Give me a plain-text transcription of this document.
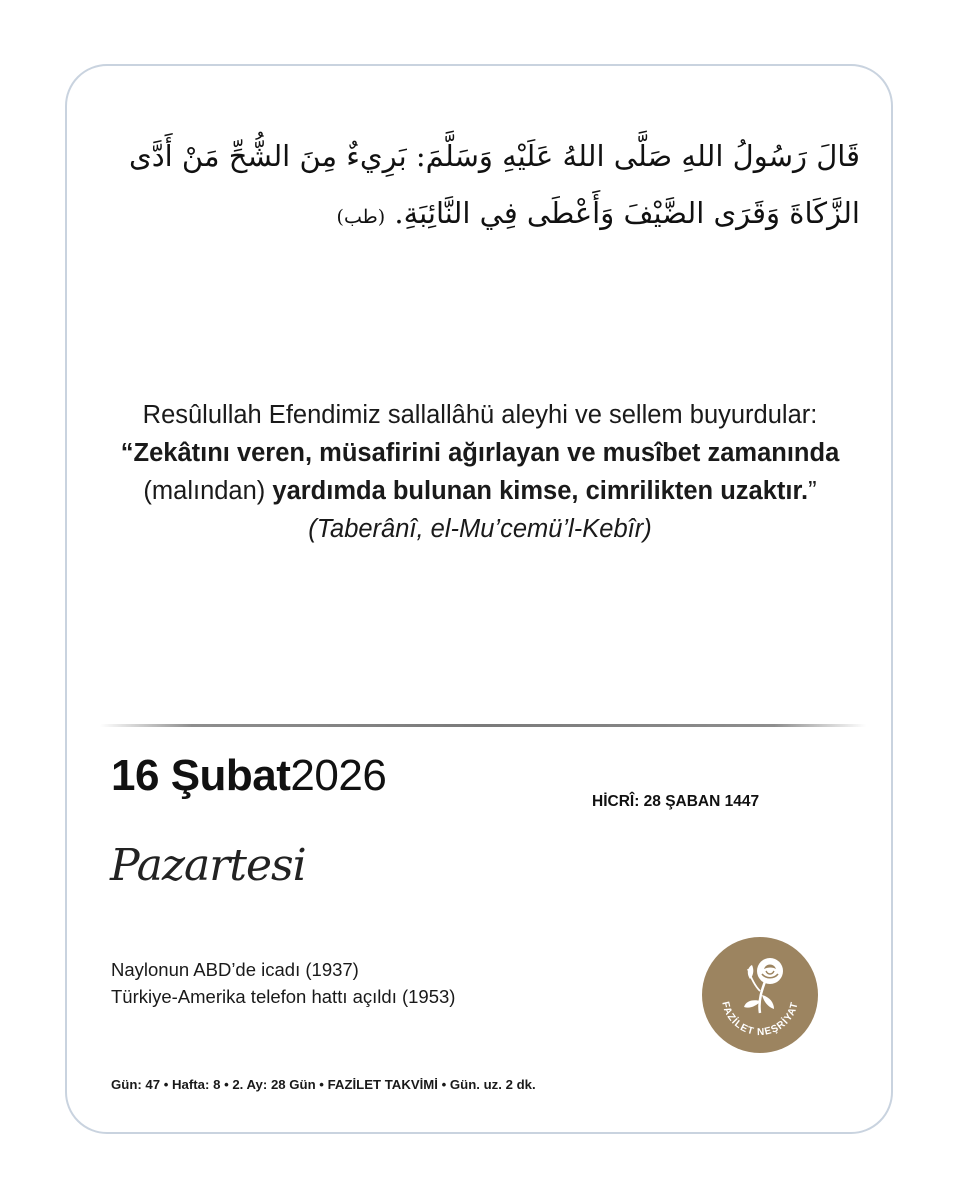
قَالَ رَسُولُ اللهِ صَلَّى اللهُ عَلَيْهِ وَسَلَّمَ: بَرِيءٌ مِنَ الشُّحِّ مَنْ أَدَّى الزَّكَاةَ وَقَرَى الضَّيْفَ وَأَعْطَى فِي النَّائِبَةِ. (طب)
Resûlullah Efendimiz sallallâhü aleyhi ve sellem buyurdular: “Zekâtını veren, müsafirini ağırlayan ve musîbet zamanında (malından) yardımda bulunan kimse, cimrilikten uzaktır.”
(Taberânî, el-Mu’cemü’l-Kebîr)
16 Şubat2026
HİCRÎ: 28 ŞABAN 1447
Pazartesi
Naylonun ABD’de icadı (1937)
Türkiye-Amerika telefon hattı açıldı (1953)
Gün: 47 • Hafta: 8 • 2. Ay: 28 Gün • FAZİLET TAKVİMİ • Gün. uz. 2 dk.
FAZİLET NEŞRİYAT
